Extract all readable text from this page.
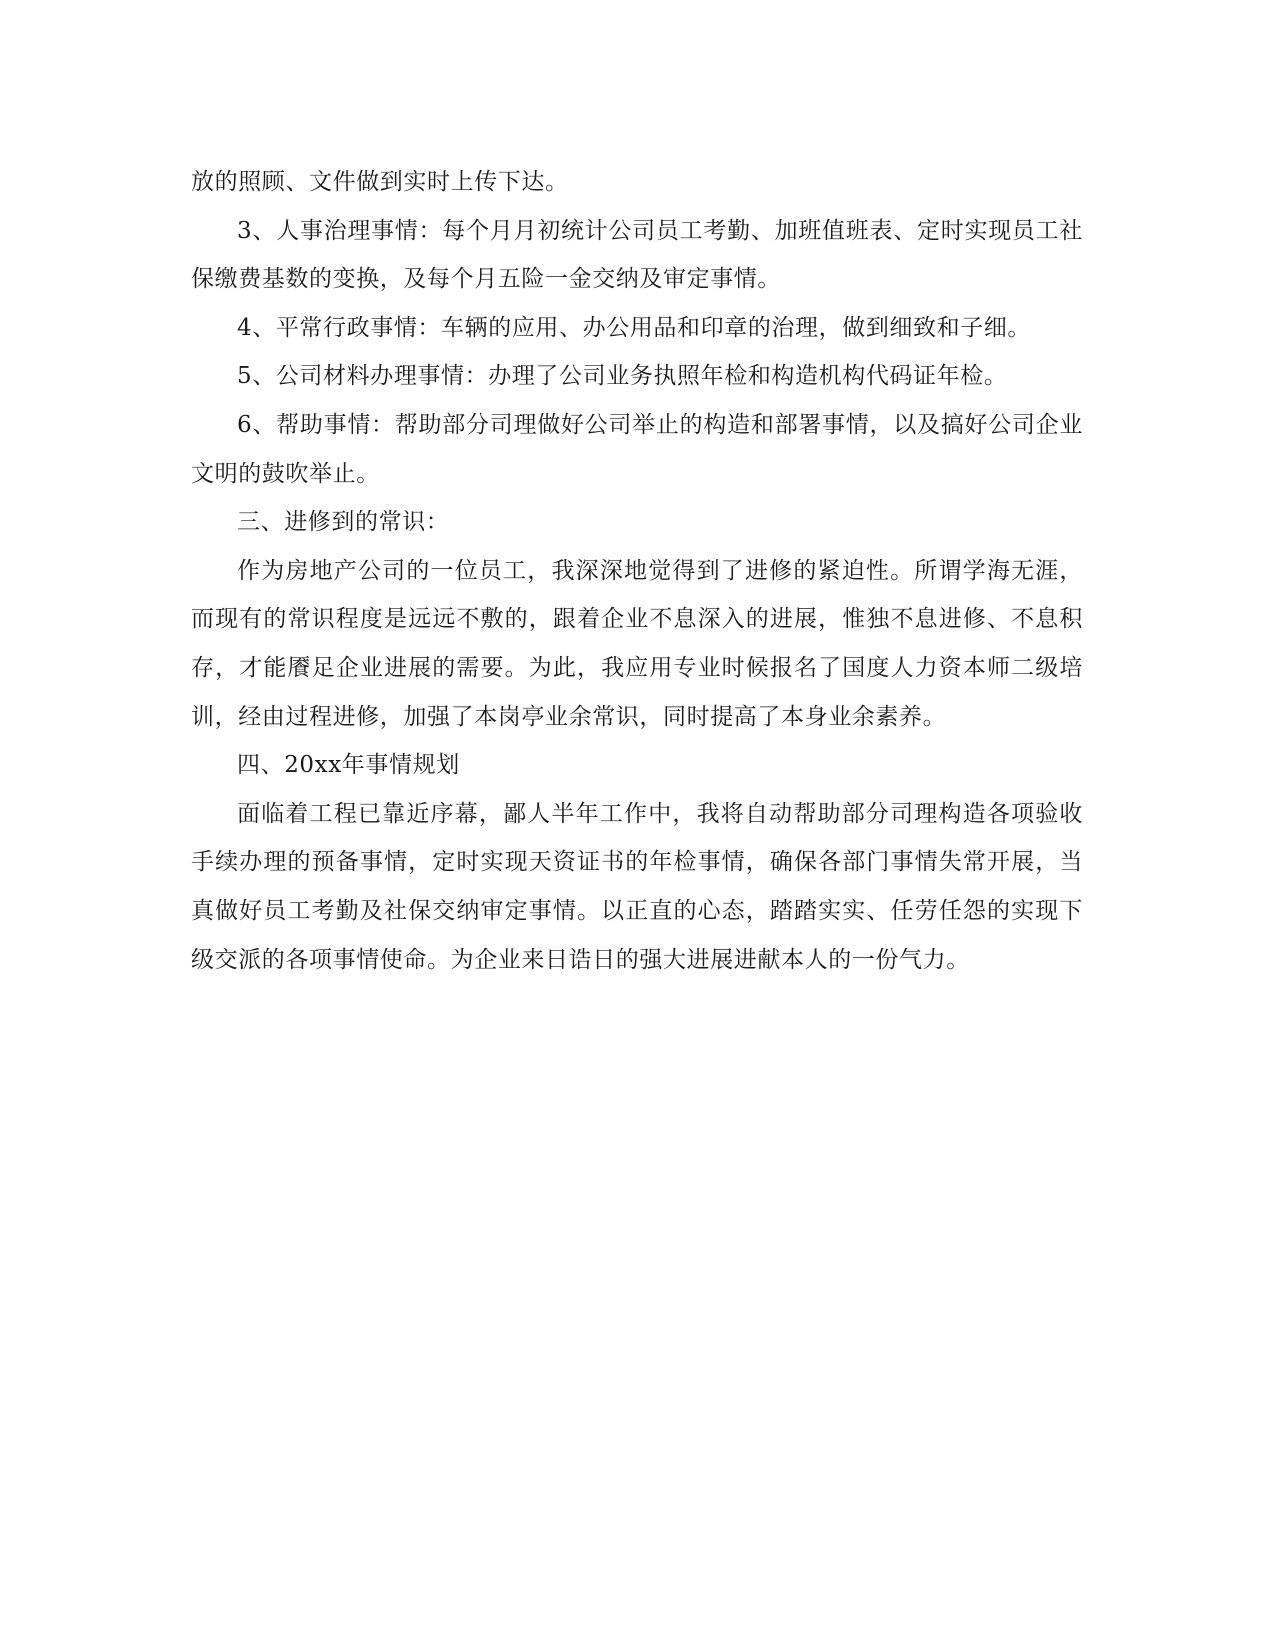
放的照顾、文件做到实时上传下达。

3、人事治理事情：每个月月初统计公司员工考勤、加班值班表、定时实现员工社保缴费基数的变换，及每个月五险一金交纳及审定事情。

4、平常行政事情：车辆的应用、办公用品和印章的治理，做到细致和子细。

5、公司材料办理事情：办理了公司业务执照年检和构造机构代码证年检。

6、帮助事情：帮助部分司理做好公司举止的构造和部署事情，以及搞好公司企业文明的鼓吹举止。

三、进修到的常识：

作为房地产公司的一位员工，我深深地觉得到了进修的紧迫性。所谓学海无涯，而现有的常识程度是远远不敷的，跟着企业不息深入的进展，惟独不息进修、不息积存，才能餍足企业进展的需要。为此，我应用专业时候报名了国度人力资本师二级培训，经由过程进修，加强了本岗亭业余常识，同时提高了本身业余素养。

四、20xx年事情规划

面临着工程已靠近序幕，鄙人半年工作中，我将自动帮助部分司理构造各项验收手续办理的预备事情，定时实现天资证书的年检事情，确保各部门事情失常开展，当真做好员工考勤及社保交纳审定事情。以正直的心态，踏踏实实、任劳任怨的实现下级交派的各项事情使命。为企业来日诰日的强大进展进献本人的一份气力。
